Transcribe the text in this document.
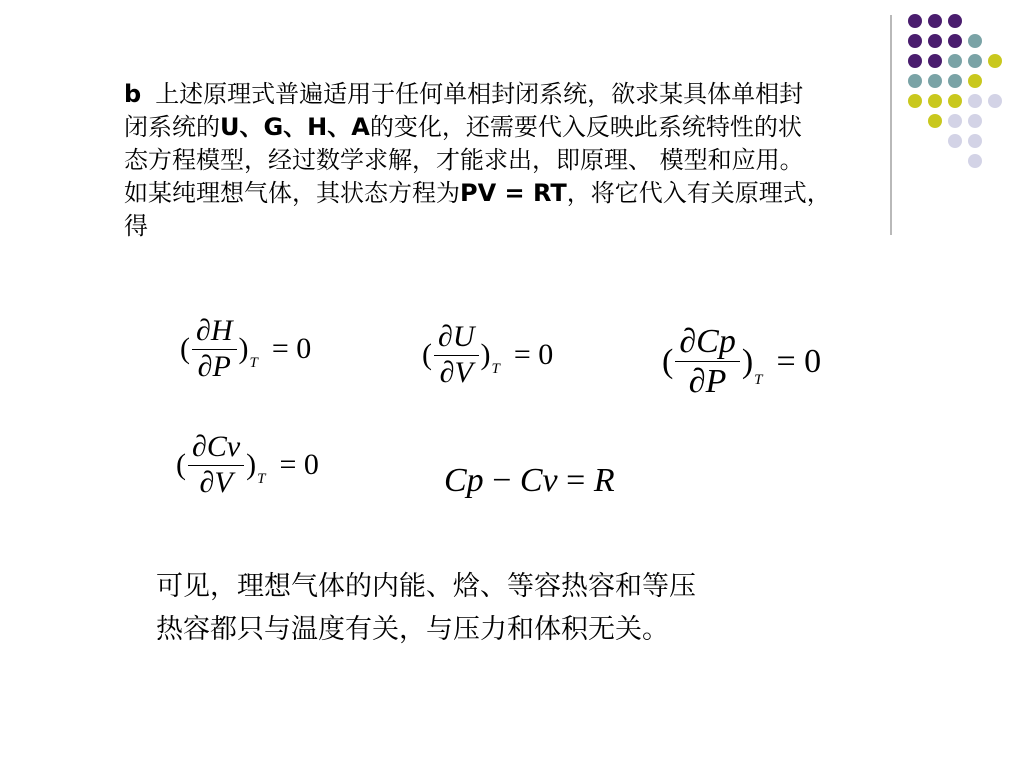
b 上述原理式普遍适用于任何单相封闭系统，欲求某具体单相封
闭系统的U、G、H、A的变化，还需要代入反映此系统特性的状
态方程模型，经过数学求解，才能求出，即原理、 模型和应用。
如某纯理想气体，其状态方程为PV = RT，将它代入有关原理式，
得
( $\frac{\partial H}{\partial P}$ ) T = 0	( $\frac{\partial U}{\partial V}$ ) T = 0	( $\frac{\partial Cp}{\partial P}$ )
T
= 0
( $\frac{\partial Cv}{\partial V}$ ) T = 0	Cp − Cv = R
可见，理想气体的内能、焓、等容热容和等压
热容都只与温度有关，与压力和体积无关。
